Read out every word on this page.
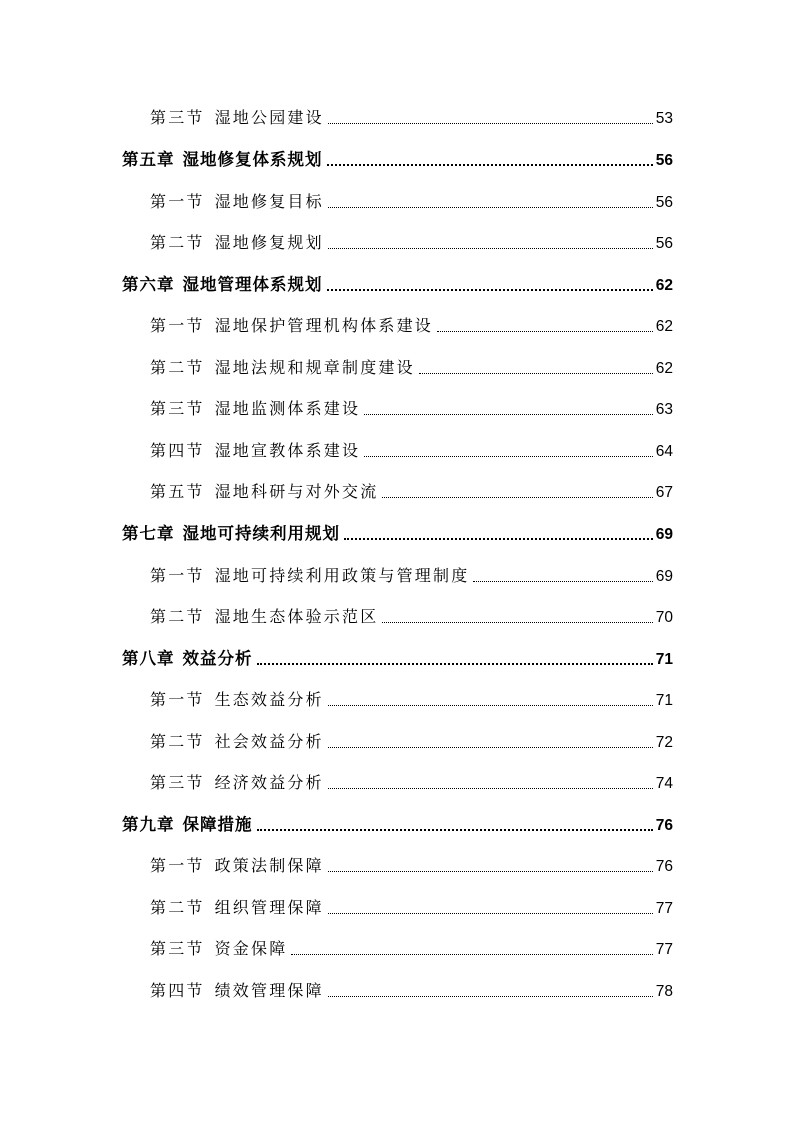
第三节 湿地公园建设	53
第五章 湿地修复体系规划	56
第一节 湿地修复目标	56
第二节 湿地修复规划	56
第六章 湿地管理体系规划	62
第一节 湿地保护管理机构体系建设	62
第二节 湿地法规和规章制度建设	62
第三节 湿地监测体系建设	63
第四节 湿地宣教体系建设	64
第五节 湿地科研与对外交流	67
第七章 湿地可持续利用规划	69
第一节 湿地可持续利用政策与管理制度	69
第二节 湿地生态体验示范区	70
第八章 效益分析	71
第一节 生态效益分析	71
第二节 社会效益分析	72
第三节 经济效益分析	74
第九章 保障措施	76
第一节 政策法制保障	76
第二节 组织管理保障	77
第三节 资金保障	77
第四节 绩效管理保障	78
